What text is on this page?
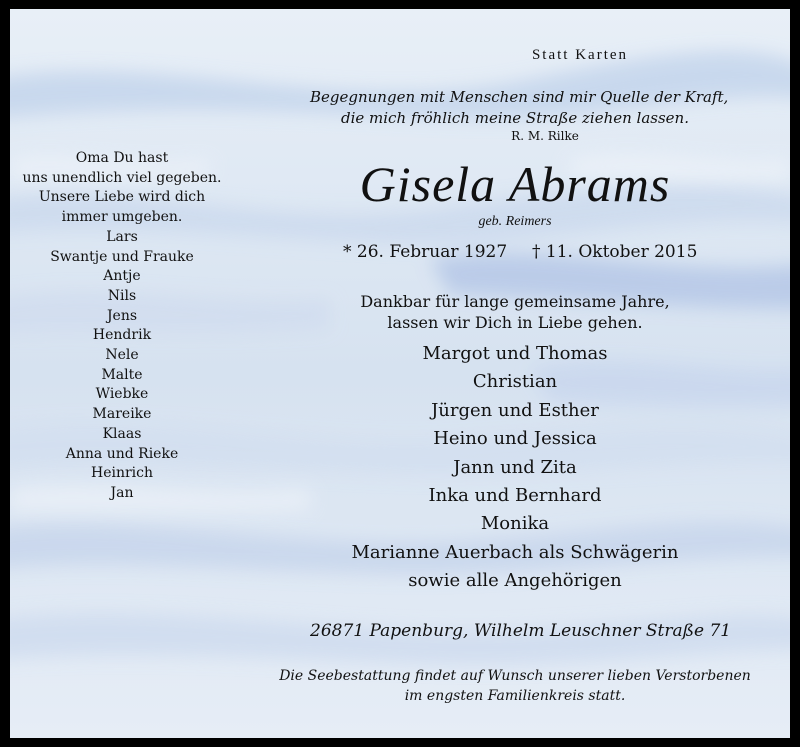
Statt Karten
Begegnungen mit Menschen sind mir Quelle der Kraft,
die mich fröhlich meine Straße ziehen lassen.
R. M. Rilke
Gisela Abrams
geb. Reimers
* 26. Februar 1927 † 11. Oktober 2015
Dankbar für lange gemeinsame Jahre,
lassen wir Dich in Liebe gehen.
Margot und Thomas
Christian
Jürgen und Esther
Heino und Jessica
Jann und Zita
Inka und Bernhard
Monika
Marianne Auerbach als Schwägerin
sowie alle Angehörigen
26871 Papenburg, Wilhelm Leuschner Straße 71
Die Seebestattung findet auf Wunsch unserer lieben Verstorbenen
im engsten Familienkreis statt.
Oma Du hast
uns unendlich viel gegeben.
Unsere Liebe wird dich
immer umgeben.
Lars
Swantje und Frauke
Antje
Nils
Jens
Hendrik
Nele
Malte
Wiebke
Mareike
Klaas
Anna und Rieke
Heinrich
Jan
